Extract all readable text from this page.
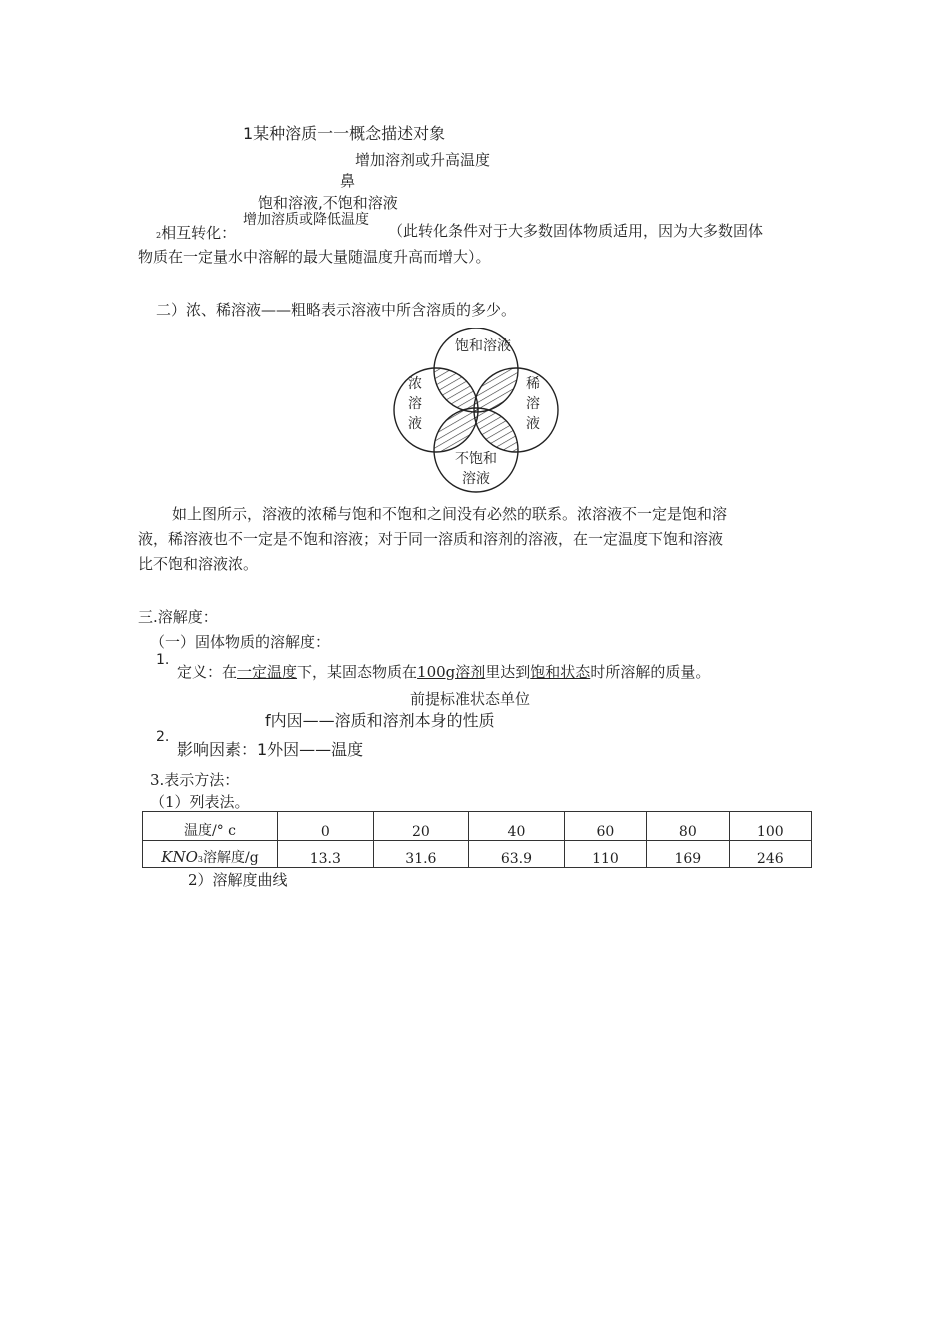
1某种溶质一一概念描述对象
增加溶剂或升高温度
鼻
饱和溶液,不饱和溶液
增加溶质或降低温度
2相互转化：	（此转化条件对于大多数固体物质适用，因为大多数固体
物质在一定量水中溶解的最大量随温度升高而增大）。
二）浓、稀溶液——粗略表示溶液中所含溶质的多少。
饱和溶液
浓
溶
液
稀
溶
液
不饱和
溶液
如上图所示，溶液的浓稀与饱和不饱和之间没有必然的联系。浓溶液不一定是饱和溶
液，稀溶液也不一定是不饱和溶液；对于同一溶质和溶剂的溶液，在一定温度下饱和溶液
比不饱和溶液浓。
三.溶解度：
（一）固体物质的溶解度：
1.
定义：在一定温度下，某固态物质在100g溶剂里达到饱和状态时所溶解的质量。
前提标准状态单位
f内因——溶质和溶剂本身的性质
2.
影响因素：1外因——温度
3.表示方法：
（1）列表法。
温度/° c	0	20	40	60	80	100
KNO3溶解度/g	13.3	31.6	63.9	110	169	246
2）溶解度曲线
